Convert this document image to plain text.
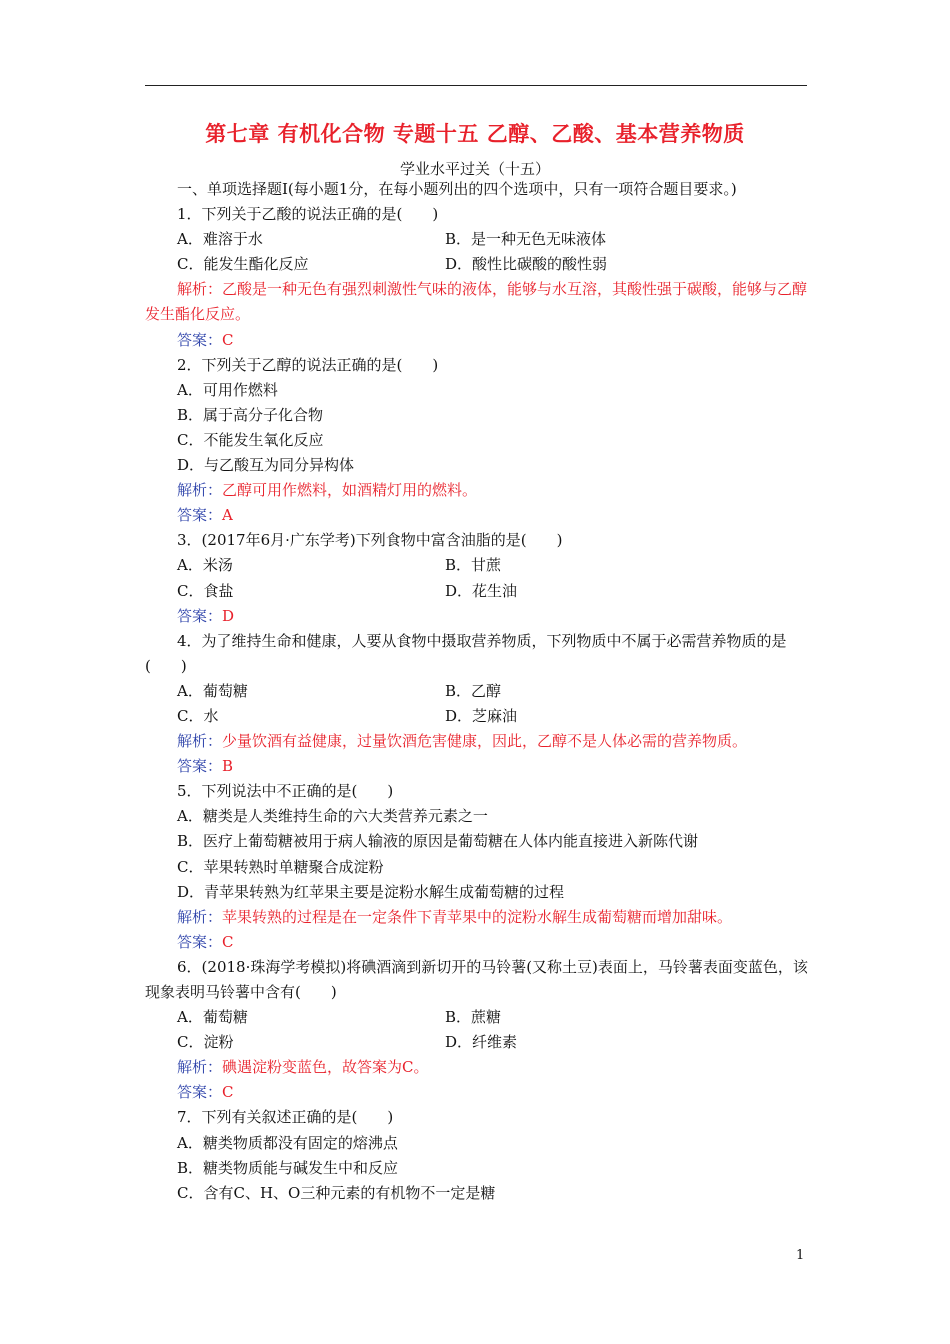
第七章 有机化合物 专题十五 乙醇、乙酸、基本营养物质
学业水平过关（十五）
一、单项选择题Ⅰ(每小题1分，在每小题列出的四个选项中，只有一项符合题目要求。)
1．下列关于乙酸的说法正确的是(　　)
A．难溶于水	B．是一种无色无味液体
C．能发生酯化反应	D．酸性比碳酸的酸性弱
解析：乙酸是一种无色有强烈刺激性气味的液体，能够与水互溶，其酸性强于碳酸，能够与乙醇发生酯化反应。
答案：C
2．下列关于乙醇的说法正确的是(　　)
A．可用作燃料
B．属于高分子化合物
C．不能发生氧化反应
D．与乙酸互为同分异构体
解析：乙醇可用作燃料，如酒精灯用的燃料。
答案：A
3．(2017年6月·广东学考)下列食物中富含油脂的是(　　)
A．米汤	B．甘蔗
C．食盐	D．花生油
答案：D
4．为了维持生命和健康，人要从食物中摄取营养物质，下列物质中不属于必需营养物质的是(　　)
A．葡萄糖	B．乙醇
C．水	D．芝麻油
解析：少量饮酒有益健康，过量饮酒危害健康，因此，乙醇不是人体必需的营养物质。
答案：B
5．下列说法中不正确的是(　　)
A．糖类是人类维持生命的六大类营养元素之一
B．医疗上葡萄糖被用于病人输液的原因是葡萄糖在人体内能直接进入新陈代谢
C．苹果转熟时单糖聚合成淀粉
D．青苹果转熟为红苹果主要是淀粉水解生成葡萄糖的过程
解析：苹果转熟的过程是在一定条件下青苹果中的淀粉水解生成葡萄糖而增加甜味。
答案：C
6．(2018·珠海学考模拟)将碘酒滴到新切开的马铃薯(又称土豆)表面上，马铃薯表面变蓝色，该现象表明马铃薯中含有(　　)
A．葡萄糖	B．蔗糖
C．淀粉	D．纤维素
解析：碘遇淀粉变蓝色，故答案为C。
答案：C
7．下列有关叙述正确的是(　　)
A．糖类物质都没有固定的熔沸点
B．糖类物质能与碱发生中和反应
C．含有C、H、O三种元素的有机物不一定是糖
1
